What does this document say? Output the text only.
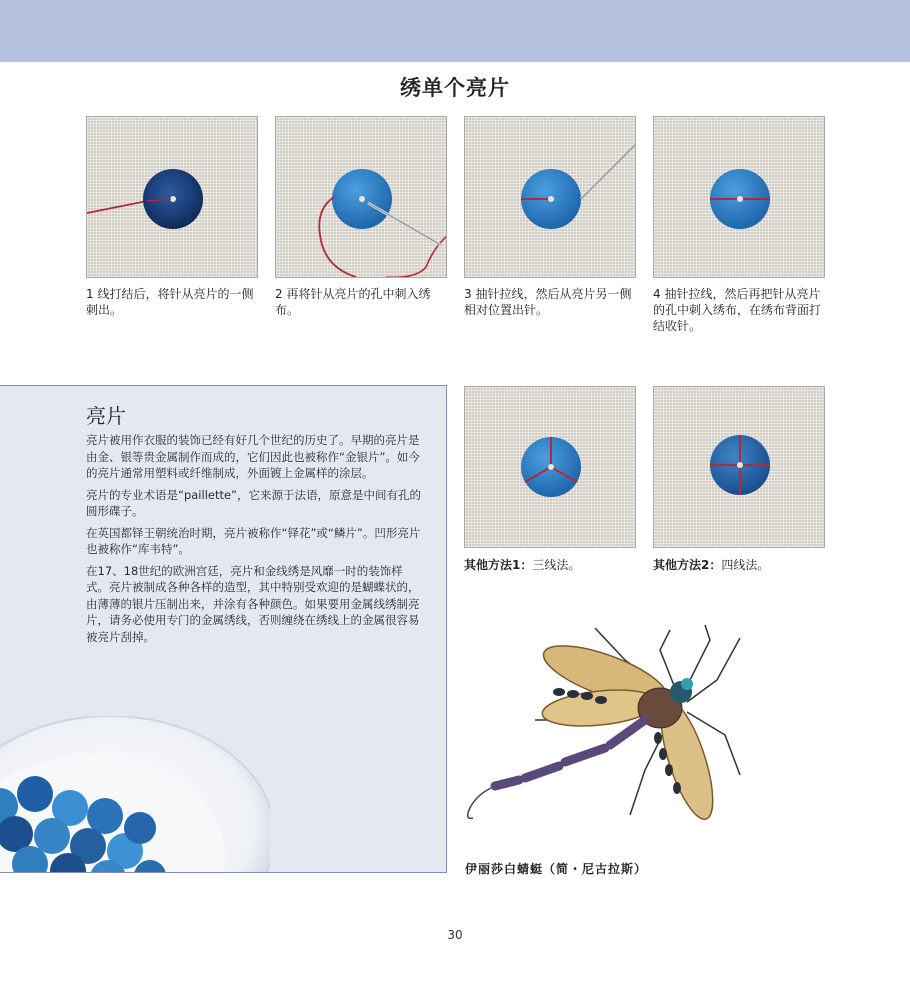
绣单个亮片
1 线打结后，将针从亮片的一侧刺出。
2 再将针从亮片的孔中刺入绣布。
3 抽针拉线，然后从亮片另一侧相对位置出针。
4 抽针拉线，然后再把针从亮片的孔中刺入绣布，在绣布背面打结收针。
亮片

亮片被用作衣服的装饰已经有好几个世纪的历史了。早期的亮片是由金、银等贵金属制作而成的，它们因此也被称作“金银片”。如今的亮片通常用塑料或纤维制成，外面镀上金属样的涂层。

亮片的专业术语是“paillette”，它来源于法语，原意是中间有孔的圆形碟子。

在英国都铎王朝统治时期，亮片被称作“铎花”或“鳞片”。凹形亮片也被称作“库韦特”。

在17、18世纪的欧洲宫廷，亮片和金线绣是风靡一时的装饰样式。亮片被制成各种各样的造型，其中特别受欢迎的是蝴蝶状的，由薄薄的银片压制出来，并涂有各种颜色。如果要用金属线绣制亮片，请务必使用专门的金属绣线，否则缠绕在绣线上的金属很容易被亮片刮掉。

其他方法1：三线法。	其他方法2：四线法。
伊丽莎白蜻蜓（简・尼古拉斯）
30
